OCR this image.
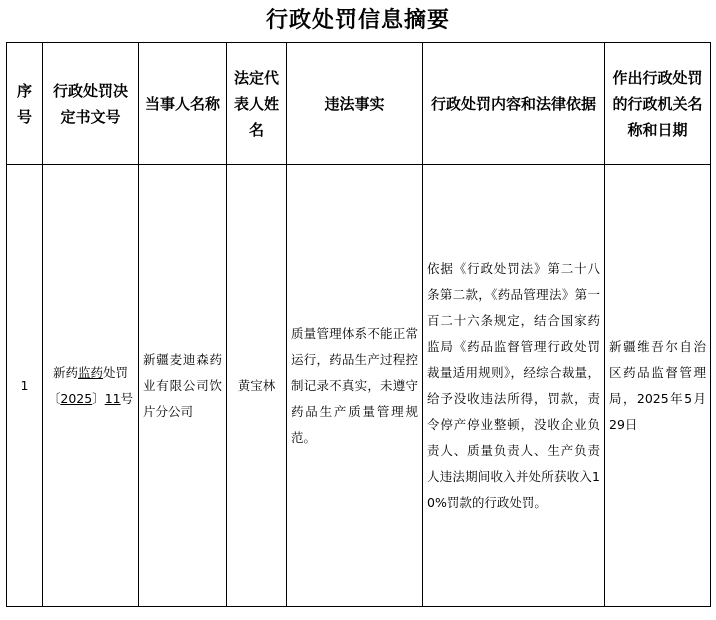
行政处罚信息摘要
序号	行政处罚决定书文号	当事人名称	法定代表人姓名	违法事实	行政处罚内容和法律依据	作出行政处罚的行政机关名称和日期
1	新药监药处罚〔2025〕11号	新疆麦迪森药业有限公司饮片分公司	黄宝林	质量管理体系不能正常运行，药品生产过程控制记录不真实，未遵守药品生产质量管理规范。	依据《行政处罚法》第二十八条第二款，《药品管理法》第一百二十六条规定，结合国家药监局《药品监督管理行政处罚裁量适用规则》，经综合裁量，给予没收违法所得，罚款，责令停产停业整顿，没收企业负责人、质量负责人、生产负责人违法期间收入并处所获收入10%罚款的行政处罚。	新疆维吾尔自治区药品监督管理局，2025年5月29日
